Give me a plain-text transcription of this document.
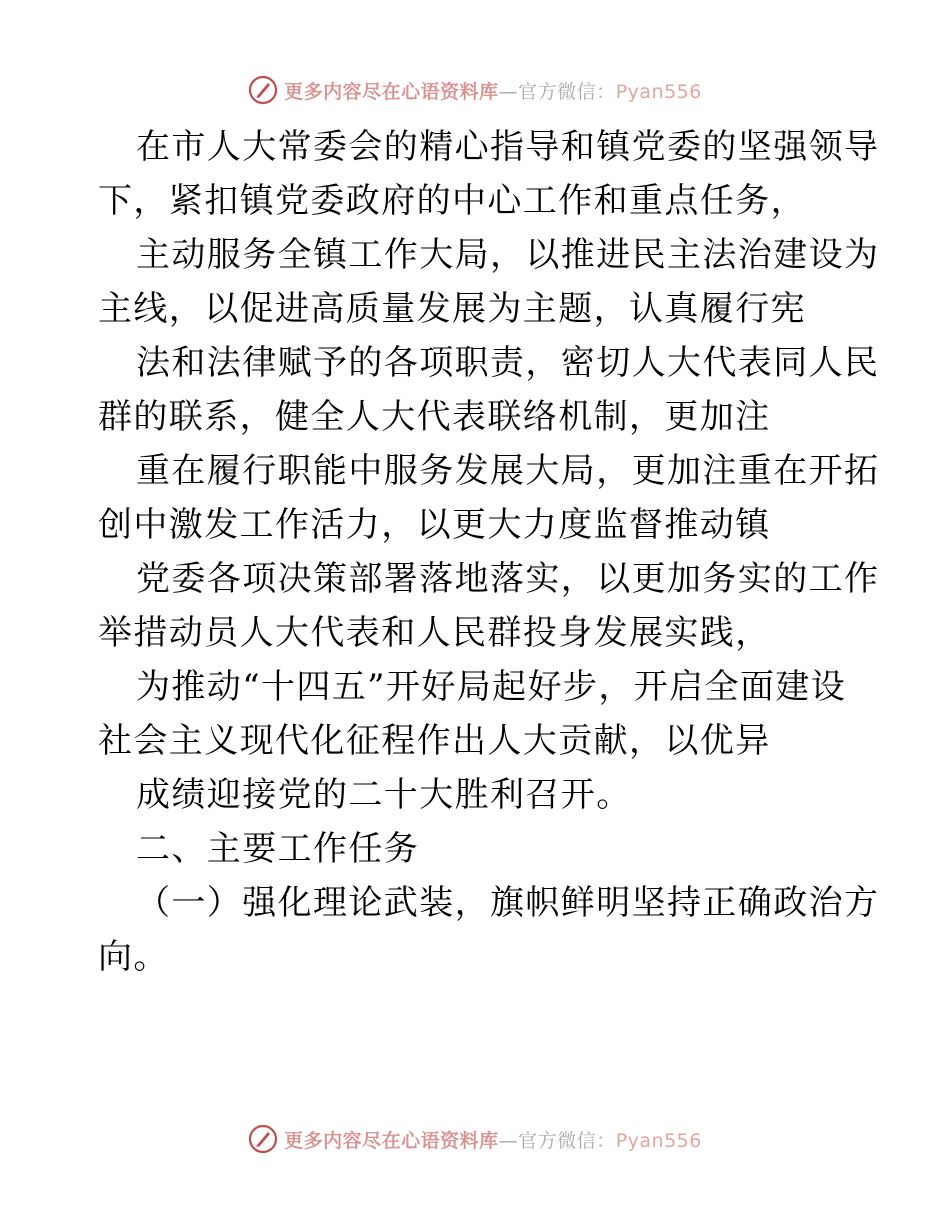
更多内容尽在心语资料库—官方微信：Pyan556
在市人大常委会的精心指导和镇党委的坚强领导
下，紧扣镇党委政府的中心工作和重点任务，
主动服务全镇工作大局，以推进民主法治建设为
主线，以促进高质量发展为主题，认真履行宪
法和法律赋予的各项职责，密切人大代表同人民
群的联系，健全人大代表联络机制，更加注
重在履行职能中服务发展大局，更加注重在开拓
创中激发工作活力，以更大力度监督推动镇
党委各项决策部署落地落实，以更加务实的工作
举措动员人大代表和人民群投身发展实践，
为推动“十四五”开好局起好步，开启全面建设
社会主义现代化征程作出人大贡献，以优异
成绩迎接党的二十大胜利召开。
二、主要工作任务
（一）强化理论武装，旗帜鲜明坚持正确政治方
向。
更多内容尽在心语资料库—官方微信：Pyan556
